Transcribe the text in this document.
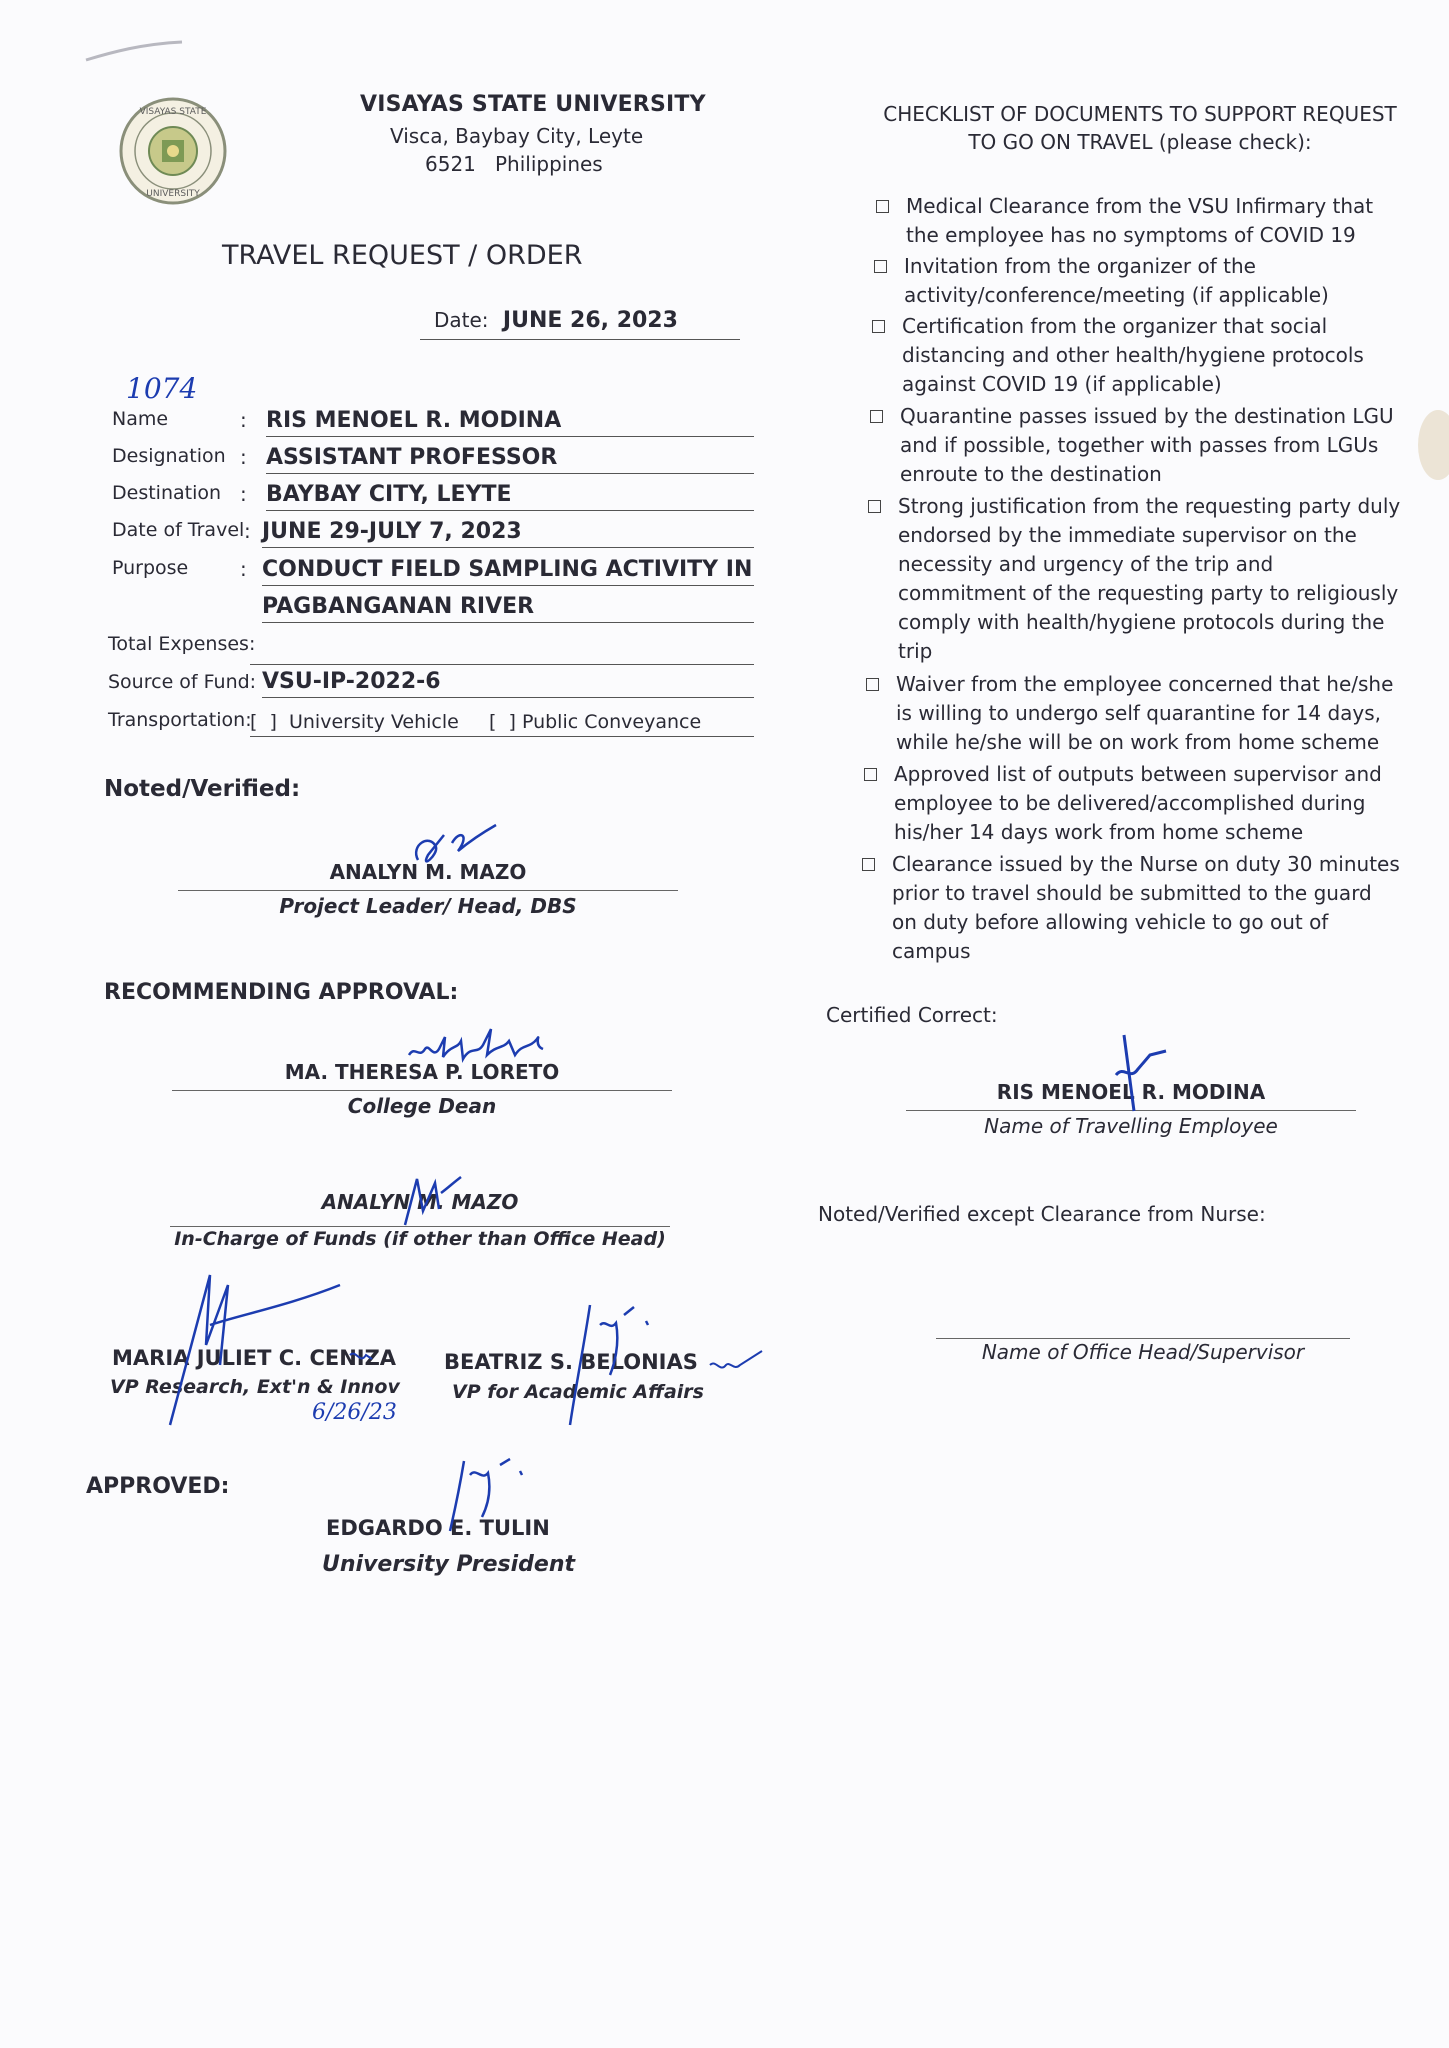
VISAYAS STATE
UNIVERSITY
VISAYAS STATE UNIVERSITY
Visca, Baybay City, Leyte
6521   Philippines
TRAVEL REQUEST / ORDER
Date: JUNE 26, 2023
1074
Name	: RIS MENOEL R. MODINA
Designation : ASSISTANT PROFESSOR
Destination : BAYBAY CITY, LEYTE
Date of Travel : JUNE 29-JULY 7, 2023
Purpose	: CONDUCT FIELD SAMPLING ACTIVITY IN
PAGBANGANAN RIVER
Total Expenses:
Source of Fund: VSU-IP-2022-6
Transportation:
[  ]  University Vehicle     [  ] Public Conveyance
Noted/Verified:
ANALYN M. MAZO
Project Leader/ Head, DBS
RECOMMENDING APPROVAL:
MA. THERESA P. LORETO
College Dean
ANALYN M. MAZO
In-Charge of Funds (if other than Office Head)
MARIA JULIET C. CENIZA
VP Research, Ext'n & Innov
6/26/23
BEATRIZ S. BELONIAS
VP for Academic Affairs
APPROVED:
EDGARDO E. TULIN
University President
CHECKLIST OF DOCUMENTS TO SUPPORT REQUEST
TO GO ON TRAVEL (please check):
Medical Clearance from the VSU Infirmary that
the employee has no symptoms of COVID 19
Invitation from the organizer of the
activity/conference/meeting (if applicable)
Certification from the organizer that social
distancing and other health/hygiene protocols
against COVID 19 (if applicable)
Quarantine passes issued by the destination LGU
and if possible, together with passes from LGUs
enroute to the destination
Strong justification from the requesting party duly
endorsed by the immediate supervisor on the
necessity and urgency of the trip and
commitment of the requesting party to religiously
comply with health/hygiene protocols during the
trip
Waiver from the employee concerned that he/she
is willing to undergo self quarantine for 14 days,
while he/she will be on work from home scheme
Approved list of outputs between supervisor and
employee to be delivered/accomplished during
his/her 14 days work from home scheme
Clearance issued by the Nurse on duty 30 minutes
prior to travel should be submitted to the guard
on duty before allowing vehicle to go out of
campus
Certified Correct:
RIS MENOEL R. MODINA
Name of Travelling Employee
Noted/Verified except Clearance from Nurse:
Name of Office Head/Supervisor
